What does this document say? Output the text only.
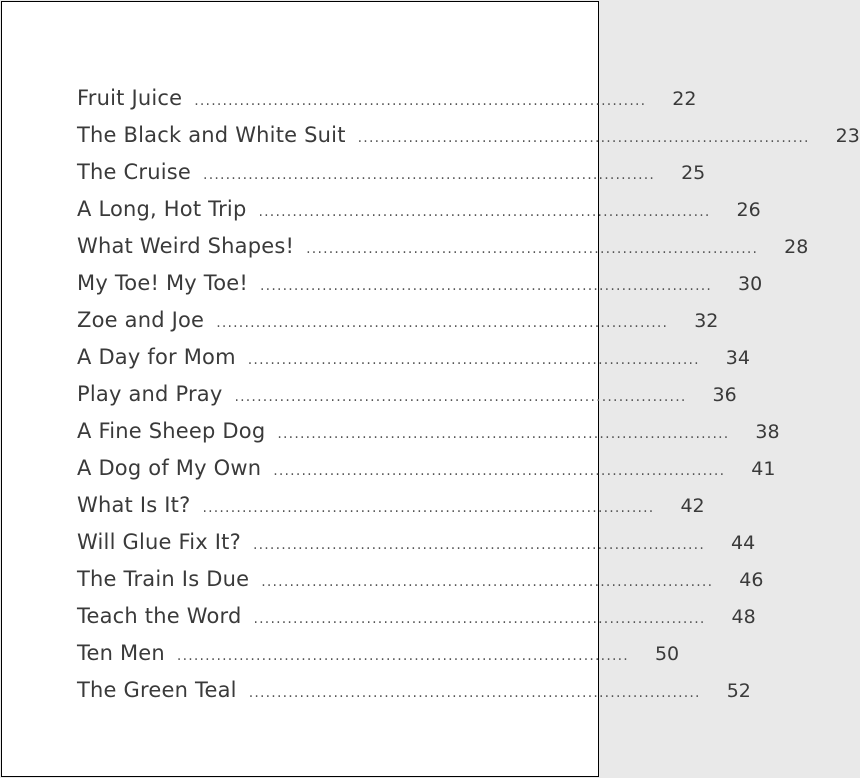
Fruit Juice ................................................................................ 22
The Black and White Suit ................................................................................ 23
The Cruise ................................................................................ 25
A Long, Hot Trip ................................................................................ 26
What Weird Shapes! ................................................................................ 28
My Toe! My Toe! ................................................................................ 30
Zoe and Joe ................................................................................ 32
A Day for Mom ................................................................................ 34
Play and Pray ................................................................................ 36
A Fine Sheep Dog ................................................................................ 38
A Dog of My Own ................................................................................ 41
What Is It? ................................................................................ 42
Will Glue Fix It? ................................................................................ 44
The Train Is Due ................................................................................ 46
Teach the Word ................................................................................ 48
Ten Men ................................................................................ 50
The Green Teal ................................................................................ 52
